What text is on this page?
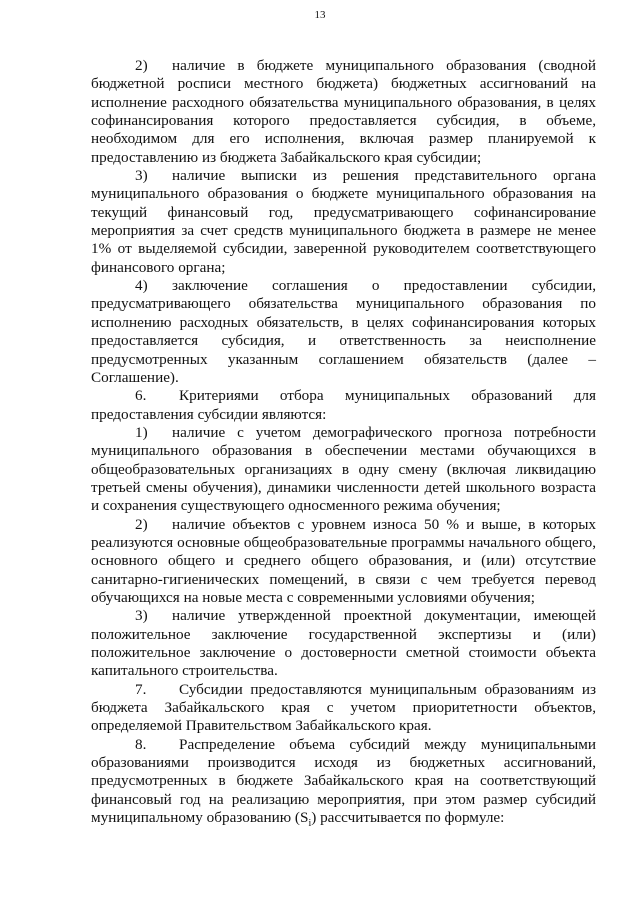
13

2) наличие в бюджете муниципального образования (сводной бюджетной росписи местного бюджета) бюджетных ассигнований на исполнение расходного обязательства муниципального образования, в целях софинансирования которого предоставляется субсидия, в объеме, необходимом для его исполнения, включая размер планируемой к предоставлению из бюджета Забайкальского края субсидии;

3) наличие выписки из решения представительного органа муниципального образования о бюджете муниципального образования на текущий финансовый год, предусматривающего софинансирование мероприятия за счет средств муниципального бюджета в размере не менее 1% от выделяемой субсидии, заверенной руководителем соответствующего финансового органа;

4) заключение соглашения о предоставлении субсидии, предусматривающего обязательства муниципального образования по исполнению расходных обязательств, в целях софинансирования которых предоставляется субсидия, и ответственность за неисполнение предусмотренных указанным соглашением обязательств (далее – Соглашение).

6. Критериями отбора муниципальных образований для предоставления субсидии являются:

1) наличие с учетом демографического прогноза потребности муниципального образования в обеспечении местами обучающихся в общеобразовательных организациях в одну смену (включая ликвидацию третьей смены обучения), динамики численности детей школьного возраста и сохранения существующего односменного режима обучения;

2) наличие объектов с уровнем износа 50 % и выше, в которых реализуются основные общеобразовательные программы начального общего, основного общего и среднего общего образования, и (или) отсутствие санитарно-гигиенических помещений, в связи с чем требуется перевод обучающихся на новые места с современными условиями обучения;

3) наличие утвержденной проектной документации, имеющей положительное заключение государственной экспертизы и (или) положительное заключение о достоверности сметной стоимости объекта капитального строительства.

7. Субсидии предоставляются муниципальным образованиям из бюджета Забайкальского края с учетом приоритетности объектов, определяемой Правительством Забайкальского края.

8. Распределение объема субсидий между муниципальными образованиями производится исходя из бюджетных ассигнований, предусмотренных в бюджете Забайкальского края на соответствующий финансовый год на реализацию мероприятия, при этом размер субсидий муниципальному образованию $(S_i)$ рассчитывается по формуле:
